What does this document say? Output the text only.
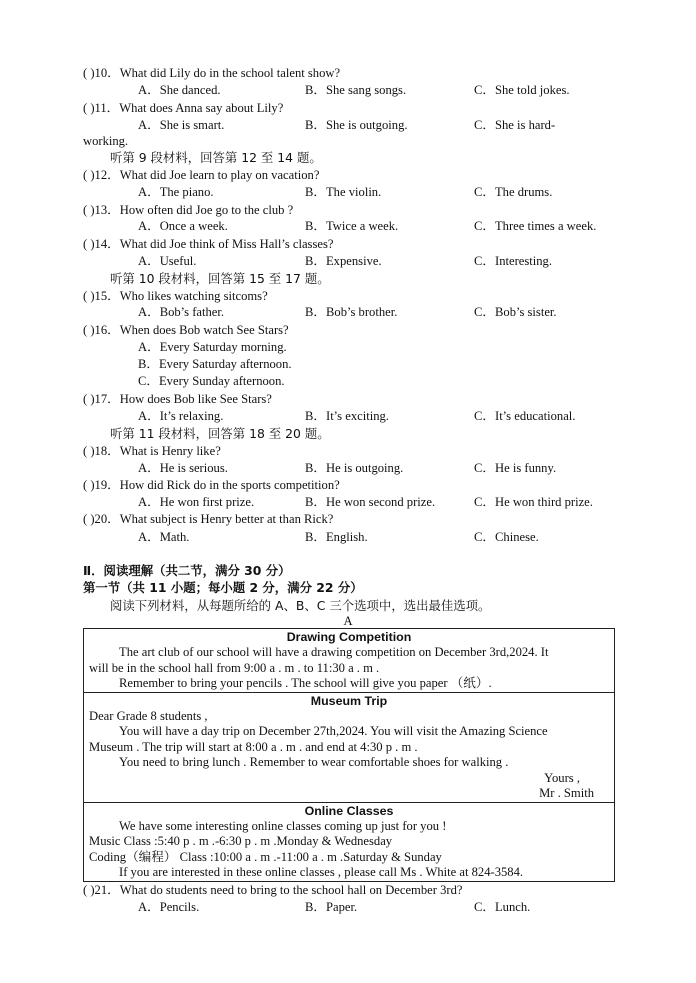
( )10．What did Lily do in the school talent show?
A．She danced.	B．She sang songs.	C．She told jokes.
( )11．What does Anna say about Lily?
A．She is smart.	B．She is outgoing.	C．She is hard-
working.
听第 9 段材料，回答第 12 至 14 题。
( )12．What did Joe learn to play on vacation?
A．The piano.	B．The violin.	C．The drums.
( )13．How often did Joe go to the club ?
A．Once a week.	B．Twice a week.	C．Three times a week.
( )14．What did Joe think of Miss Hall’s classes?
A．Useful.	B．Expensive.	C．Interesting.
听第 10 段材料，回答第 15 至 17 题。
( )15．Who likes watching sitcoms?
A．Bob’s father.	B．Bob’s brother.	C．Bob’s sister.
( )16．When does Bob watch See Stars?
A．Every Saturday morning.
B．Every Saturday afternoon.
C．Every Sunday afternoon.
( )17．How does Bob like See Stars?
A．It’s relaxing.	B．It’s exciting.	C．It’s educational.
听第 11 段材料，回答第 18 至 20 题。
( )18．What is Henry like?
A．He is serious.	B．He is outgoing.	C．He is funny.
( )19．How did Rick do in the sports competition?
A．He won first prize.	B．He won second prize.	C．He won third prize.
( )20．What subject is Henry better at than Rick?
A．Math.	B．English.	C．Chinese.
Ⅱ．阅读理解（共二节，满分 30 分）
第一节（共 11 小题；每小题 2 分，满分 22 分）
阅读下列材料，从每题所给的 A、B、C 三个选项中，选出最佳选项。
A
Drawing Competition
The art club of our school will have a drawing competition on December 3rd,2024. It
will be in the school hall from 9:00 a . m . to 11:30 a . m .
Remember to bring your pencils . The school will give you paper （纸）.
Museum Trip
Dear Grade 8 students ,
You will have a day trip on December 27th,2024. You will visit the Amazing Science
Museum . The trip will start at 8:00 a . m . and end at 4:30 p . m .
You need to bring lunch . Remember to wear comfortable shoes for walking .
Yours ,
Mr . Smith
Online Classes
We have some interesting online classes coming up just for you !
Music Class :5:40 p . m .-6:30 p . m .Monday & Wednesday
Coding（编程） Class :10:00 a . m .-11:00 a . m .Saturday & Sunday
If you are interested in these online classes , please call Ms . White at 824-3584.
( )21．What do students need to bring to the school hall on December 3rd?
A．Pencils.	B．Paper.	C．Lunch.
